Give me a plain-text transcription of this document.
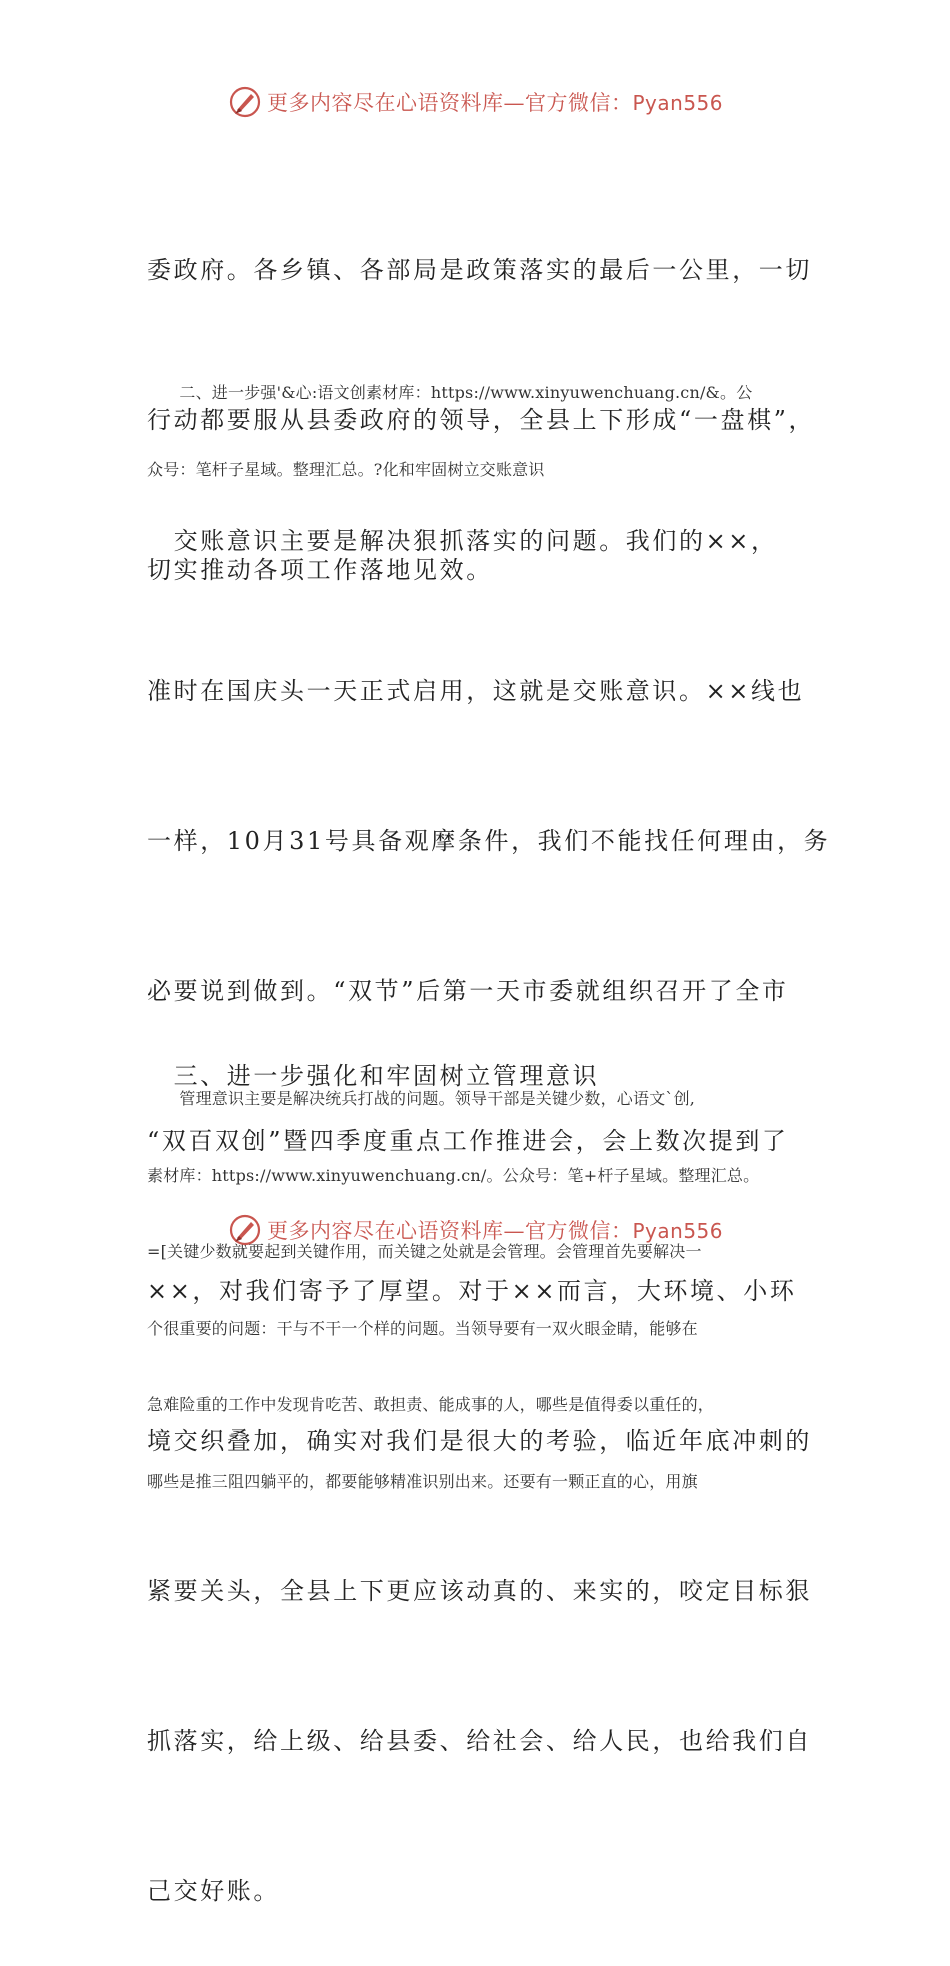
更多内容尽在心语资料库—官方微信：Pyan556

委政府。各乡镇、各部局是政策落实的最后一公里，一切

行动都要服从县委政府的领导，全县上下形成“一盘棋”，

切实推动各项工作落地见效。

　　二、进一步强'&心:语文创素材库：https://www.xinyuwenchuang.cn/&。公

众号：笔杆子星域。整理汇总。?化和牢固树立交账意识

　交账意识主要是解决狠抓落实的问题。我们的××，

准时在国庆头一天正式启用，这就是交账意识。××线也

一样，10月31号具备观摩条件，我们不能找任何理由，务

必要说到做到。“双节”后第一天市委就组织召开了全市

“双百双创”暨四季度重点工作推进会，会上数次提到了

××，对我们寄予了厚望。对于××而言，大环境、小环

境交织叠加，确实对我们是很大的考验，临近年底冲刺的

紧要关头，全县上下更应该动真的、来实的，咬定目标狠

抓落实，给上级、给县委、给社会、给人民，也给我们自

己交好账。

　三、进一步强化和牢固树立管理意识

　　管理意识主要是解决统兵打战的问题。领导干部是关键少数，心语文`创,

素材库：https://www.xinyuwenchuang.cn/。公众号：笔+杆子星域。整理汇总。

=[关键少数就要起到关键作用，而关键之处就是会管理。会管理首先要解决一

个很重要的问题：干与不干一个样的问题。当领导要有一双火眼金睛，能够在

急难险重的工作中发现肯吃苦、敢担责、能成事的人，哪些是值得委以重任的，

哪些是推三阻四躺平的，都要能够精准识别出来。还要有一颗正直的心，用旗

更多内容尽在心语资料库—官方微信：Pyan556
